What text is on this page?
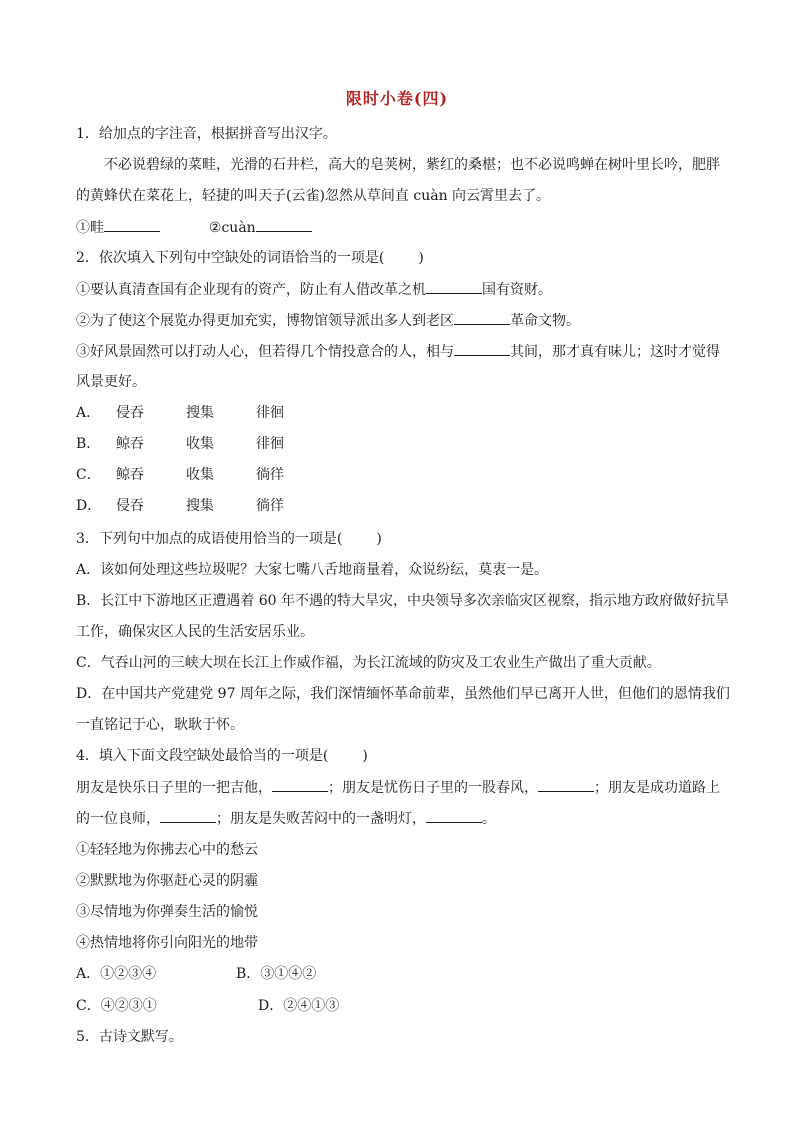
限时小卷(四)
1．给加点的字注音，根据拼音写出汉字。
不必说碧绿的菜畦，光滑的石井栏，高大的皂荚树，紫红的桑椹；也不必说鸣蝉在树叶里长吟，肥胖
的黄蜂伏在菜花上，轻捷的叫天子(云雀)忽然从草间直 cuàn 向云霄里去了。
①畦	②cuàn
2．依次填入下列句中空缺处的词语恰当的一项是( )
①要认真清查国有企业现有的资产，防止有人借改革之机	国有资财。
②为了使这个展览办得更加充实，博物馆领导派出多人到老区	革命文物。
③好风景固然可以打动人心，但若得几个情投意合的人，相与	其间，那才真有味儿；这时才觉得
风景更好。
A． 侵吞	搜集	徘徊
B． 鲸吞	收集	徘徊
C． 鲸吞	收集	徜徉
D． 侵吞	搜集	徜徉
3．下列句中加点的成语使用恰当的一项是( )
A．该如何处理这些垃圾呢？大家七嘴八舌地商量着，众说纷纭，莫衷一是。
B．长江中下游地区正遭遇着 60 年不遇的特大旱灾，中央领导多次亲临灾区视察，指示地方政府做好抗旱
工作，确保灾区人民的生活安居乐业。
C．气吞山河的三峡大坝在长江上作威作福，为长江流域的防灾及工农业生产做出了重大贡献。
D．在中国共产党建党 97 周年之际，我们深情缅怀革命前辈，虽然他们早已离开人世，但他们的恩情我们
一直铭记于心，耿耿于怀。
4．填入下面文段空缺处最恰当的一项是( )
朋友是快乐日子里的一把吉他，	；朋友是忧伤日子里的一股春风，	；朋友是成功道路上
的一位良师，	；朋友是失败苦闷中的一盏明灯，	。
①轻轻地为你拂去心中的愁云
②默默地为你驱赶心灵的阴霾
③尽情地为你弹奏生活的愉悦
④热情地将你引向阳光的地带
A．①②③④	B．③①④②
C．④②③①	D．②④①③
5．古诗文默写。
